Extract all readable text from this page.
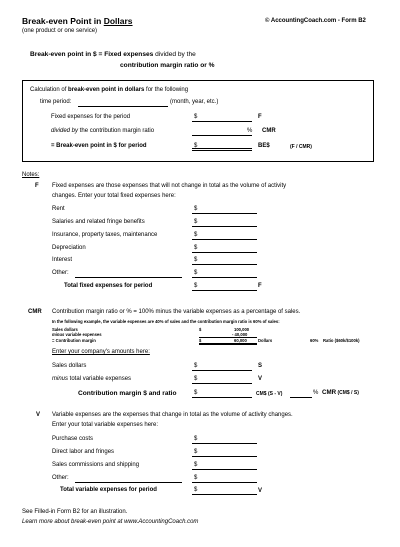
Break-even Point in Dollars
(one product or one service)
© AccountingCoach.com - Form B2
Break-even point in $ = Fixed expenses divided by the
contribution margin ratio or %
Calculation of break-even point in dollars for the following
time period:	(month, year, etc.)
Fixed expenses for the period	$	F
divided by the contribution margin ratio	% CMR
= Break-even point in $ for period	$	BE$	(F / CMR)
Notes:
F Fixed expenses are those expenses that will not change in total as the volume of activity
changes. Enter your total fixed expenses here:
Rent	$
Salaries and related fringe benefits	$
Insurance, property taxes, maintenance	$
Depreciation	$
Interest	$
Other:	$
Total fixed expenses for period	$	F
CMR Contribution margin ratio or % = 100% minus the variable expenses as a percentage of sales.
In the following example, the variable expenses are 40% of sales and the contribution margin ratio is 60% of sales:
Sales dollars	$	100,000
minus variable expenses	- 40,000
= Contribution margin	$	60,000	Dollars	60% Ratio ($60k/$100k)
Enter your company's amounts here:
Sales dollars	$	S
minus total variable expenses	$	V
Contribution margin $ and ratio	$	CM$ (S - V)	% CMR (CM$ / S)
V Variable expenses are the expenses that change in total as the volume of activity changes.
Enter your total variable expenses here:
Purchase costs	$
Direct labor and fringes	$
Sales commissions and shipping	$
Other:	$
Total variable expenses for period	$	V
See Filled-in Form B2 for an illustration.
Learn more about break-even point at www.AccountingCoach.com
